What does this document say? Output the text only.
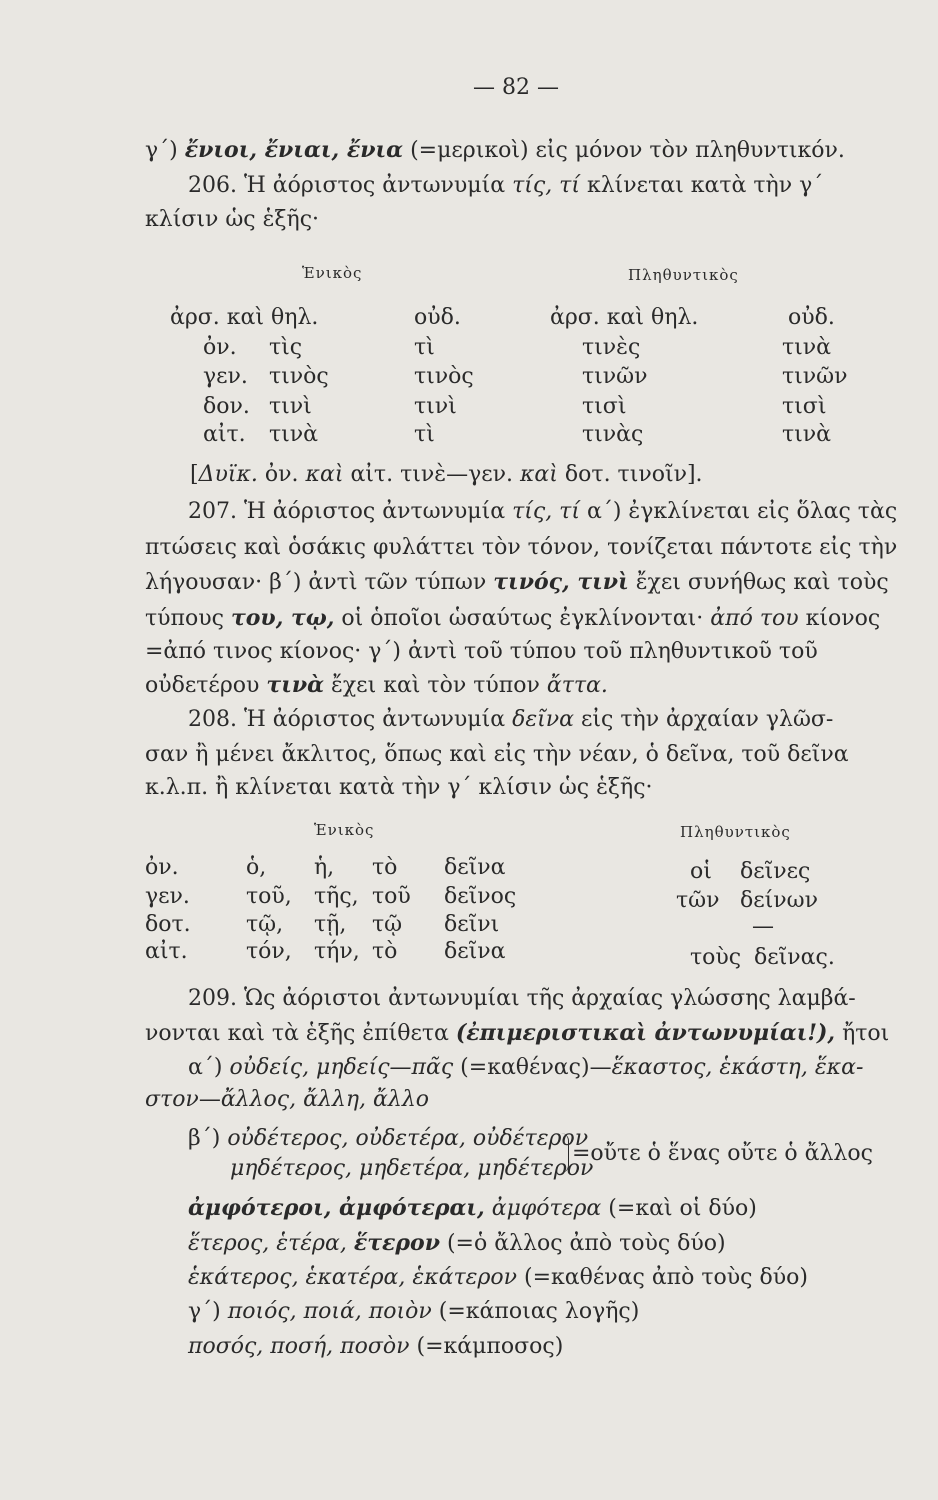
— 82 —
γ΄) ἔνιοι, ἔνιαι, ἔνια (=μερικοὶ) εἰς μόνον τὸν πληθυντικόν.
206. Ἡ ἀόριστος ἀντωνυμία τίς, τί κλίνεται κατὰ τὴν γ΄
κλίσιν ὡς ἑξῆς·
Ἑνικὸς	Πληθυντικὸς
ἀρσ. καὶ θηλ.	οὐδ.	ἀρσ. καὶ θηλ.	οὐδ.
ὀν. τὶς	τὶ	τινὲς	τινὰ
γεν. τινὸς	τινὸς	τινῶν	τινῶν
δον. τινὶ	τινὶ	τισὶ	τισὶ
αἰτ. τινὰ	τὶ	τινὰς	τινὰ
[Δυϊκ. ὀν. καὶ αἰτ. τινὲ—γεν. καὶ δοτ. τινοῖν].
207. Ἡ ἀόριστος ἀντωνυμία τίς, τί α΄) ἐγκλίνεται εἰς ὅλας τὰς
πτώσεις καὶ ὁσάκις φυλάττει τὸν τόνον, τονίζεται πάντοτε εἰς τὴν
λήγουσαν· β΄) ἀντὶ τῶν τύπων τινός, τινὶ ἔχει συνήθως καὶ τοὺς
τύπους του, τῳ, οἱ ὁποῖοι ὡσαύτως ἐγκλίνονται· ἀπό του κίονος
=ἀπό τινος κίονος· γ΄) ἀντὶ τοῦ τύπου τοῦ πληθυντικοῦ τοῦ
οὐδετέρου τινὰ ἔχει καὶ τὸν τύπον ἄττα.
208. Ἡ ἀόριστος ἀντωνυμία δεῖνα εἰς τὴν ἀρχαίαν γλῶσ-
σαν ἢ μένει ἄκλιτος, ὅπως καὶ εἰς τὴν νέαν, ὁ δεῖνα, τοῦ δεῖνα
κ.λ.π. ἢ κλίνεται κατὰ τὴν γ΄ κλίσιν ὡς ἑξῆς·
Ἑνικὸς	Πληθυντικὸς
ὀν.	ὁ, ἡ, τὸ δεῖνα	οἱ δεῖνες
γεν.	τοῦ, τῆς, τοῦ δεῖνος	τῶν δείνων
δοτ.	τῷ, τῇ, τῷ δεῖνι	—
αἰτ.	τόν, τήν, τὸ δεῖνα	τοὺς δεῖνας.
209. Ὡς ἀόριστοι ἀντωνυμίαι τῆς ἀρχαίας γλώσσης λαμβά-
νονται καὶ τὰ ἑξῆς ἐπίθετα (ἐπιμεριστικαὶ ἀντωνυμίαι!), ἤτοι
α΄) οὐδείς, μηδείς—πᾶς (=καθένας)—ἕκαστος, ἑκάστη, ἕκα-
στον—ἄλλος, ἄλλη, ἄλλο
β΄) οὐδέτερος, οὐδετέρα, οὐδέτερον
μηδέτερος, μηδετέρα, μηδέτερον
=οὔτε ὁ ἕνας οὔτε ὁ ἄλλος
ἀμφότεροι, ἀμφότεραι, ἀμφότερα (=καὶ οἱ δύο)
ἕτερος, ἑτέρα, ἕτερον (=ὁ ἄλλος ἀπὸ τοὺς δύο)
ἑκάτερος, ἑκατέρα, ἑκάτερον (=καθένας ἀπὸ τοὺς δύο)
γ΄) ποιός, ποιά, ποιὸν (=κάποιας λογῆς)
ποσός, ποσή, ποσὸν (=κάμποσος)
